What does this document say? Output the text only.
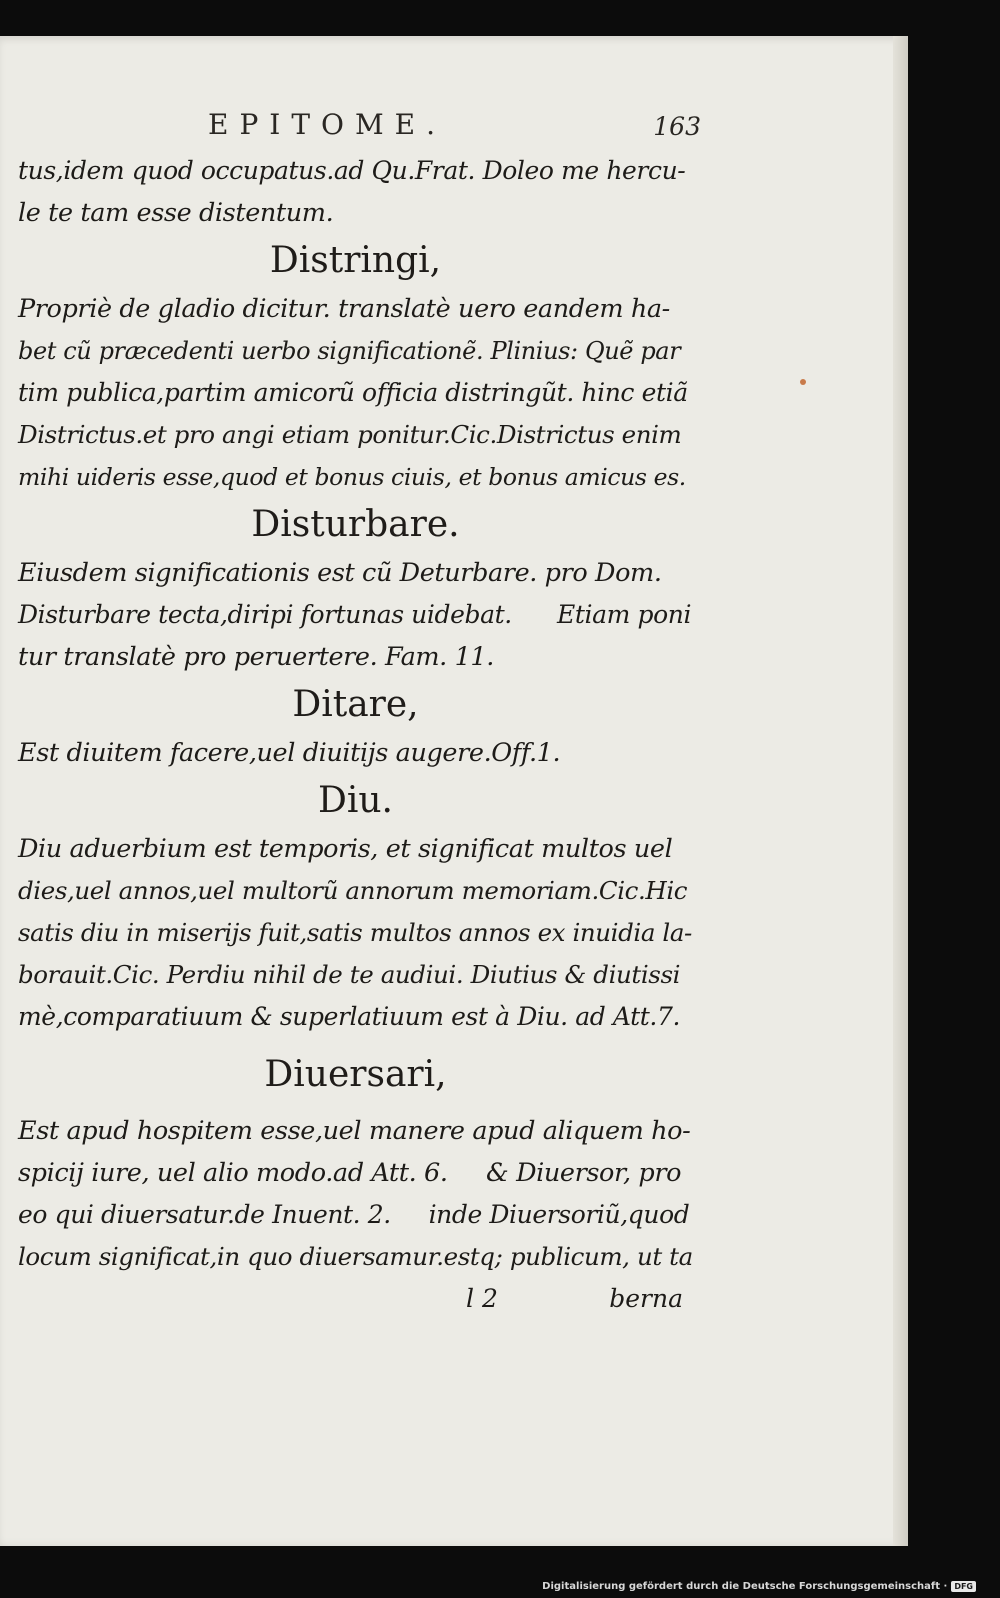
EPITOME.	163
tus,idem quod occupatus.ad Qu.Frat. Doleo me hercu-
le te tam esse distentum.
Distringi,
Propriè de gladio dicitur. translatè uero eandem ha-
bet cũ præcedenti uerbo significationẽ. Plinius: Quẽ par
tim publica,partim amicorũ officia distringũt. hinc etiã
Districtus.et pro angi etiam ponitur.Cic.Districtus enim
mihi uideris esse,quod et bonus ciuis, et bonus amicus es.
Disturbare.
Eiusdem significationis est cũ Deturbare. pro Dom.
Disturbare tecta,diripi fortunas uidebat.      Etiam poni
tur translatè pro peruertere. Fam. 11.
Ditare,
Est diuitem facere,uel diuitijs augere.Off.1.
Diu.
Diu aduerbium est temporis, et significat multos uel
dies,uel annos,uel multorũ annorum memoriam.Cic.Hic
satis diu in miserijs fuit,satis multos annos ex inuidia la-
borauit.Cic. Perdiu nihil de te audiui. Diutius & diutissi
mè,comparatiuum & superlatiuum est à Diu. ad Att.7.
Diuersari,
Est apud hospitem esse,uel manere apud aliquem ho-
spicij iure, uel alio modo.ad Att. 6.     & Diuersor, pro
eo qui diuersatur.de Inuent. 2.     inde Diuersoriũ,quod
locum significat,in quo diuersamur.estq; publicum, ut ta
l 2	berna
Digitalisierung gefördert durch die Deutsche Forschungsgemeinschaft · DFG
